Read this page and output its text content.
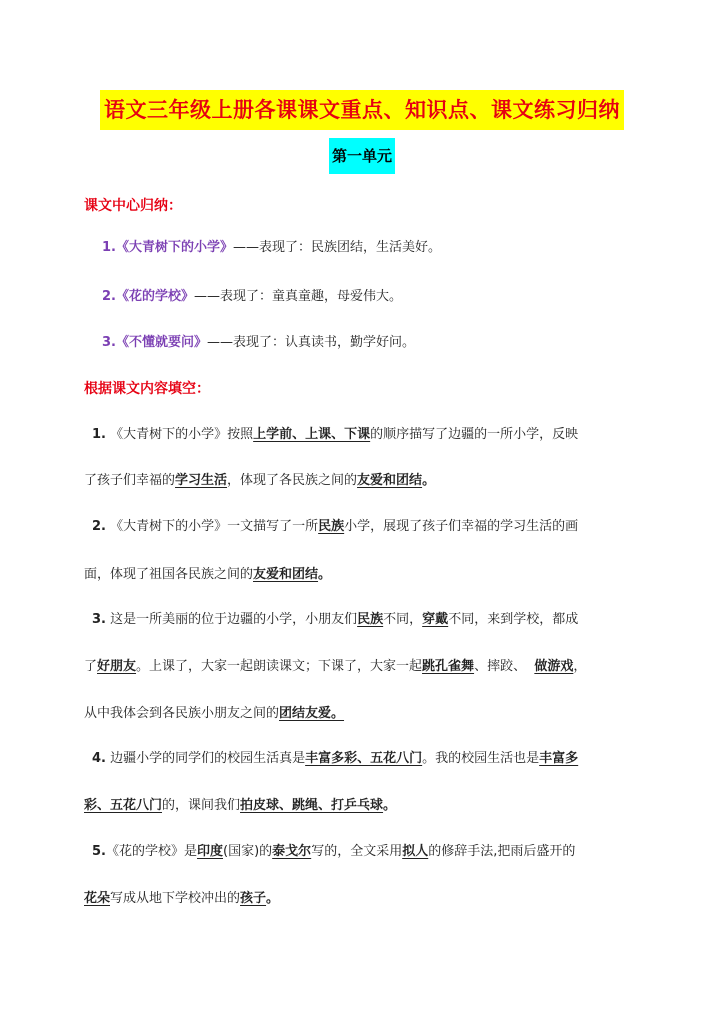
语文三年级上册各课课文重点、知识点、课文练习归纳
第一单元
课文中心归纳：
1.《大青树下的小学》——表现了：民族团结，生活美好。
2.《花的学校》——表现了：童真童趣，母爱伟大。
3.《不懂就要问》——表现了：认真读书，勤学好问。
根据课文内容填空：
1. 《大青树下的小学》按照上学前、上课、下课的顺序描写了边疆的一所小学，反映
了孩子们幸福的学习生活，体现了各民族之间的友爱和团结。
2. 《大青树下的小学》一文描写了一所民族小学，展现了孩子们幸福的学习生活的画
面，体现了祖国各民族之间的友爱和团结。
3. 这是一所美丽的位于边疆的小学，小朋友们民族不同，穿戴不同，来到学校，都成
了好朋友。上课了，大家一起朗读课文；下课了，大家一起跳孔雀舞、摔跤、 做游戏，
从中我体会到各民族小朋友之间的团结友爱。
4. 边疆小学的同学们的校园生活真是丰富多彩、五花八门。我的校园生活也是丰富多
彩、五花八门的，课间我们拍皮球、跳绳、打乒乓球。
5.《花的学校》是印度(国家)的泰戈尔写的，全文采用拟人的修辞手法,把雨后盛开的
花朵写成从地下学校冲出的孩子。
